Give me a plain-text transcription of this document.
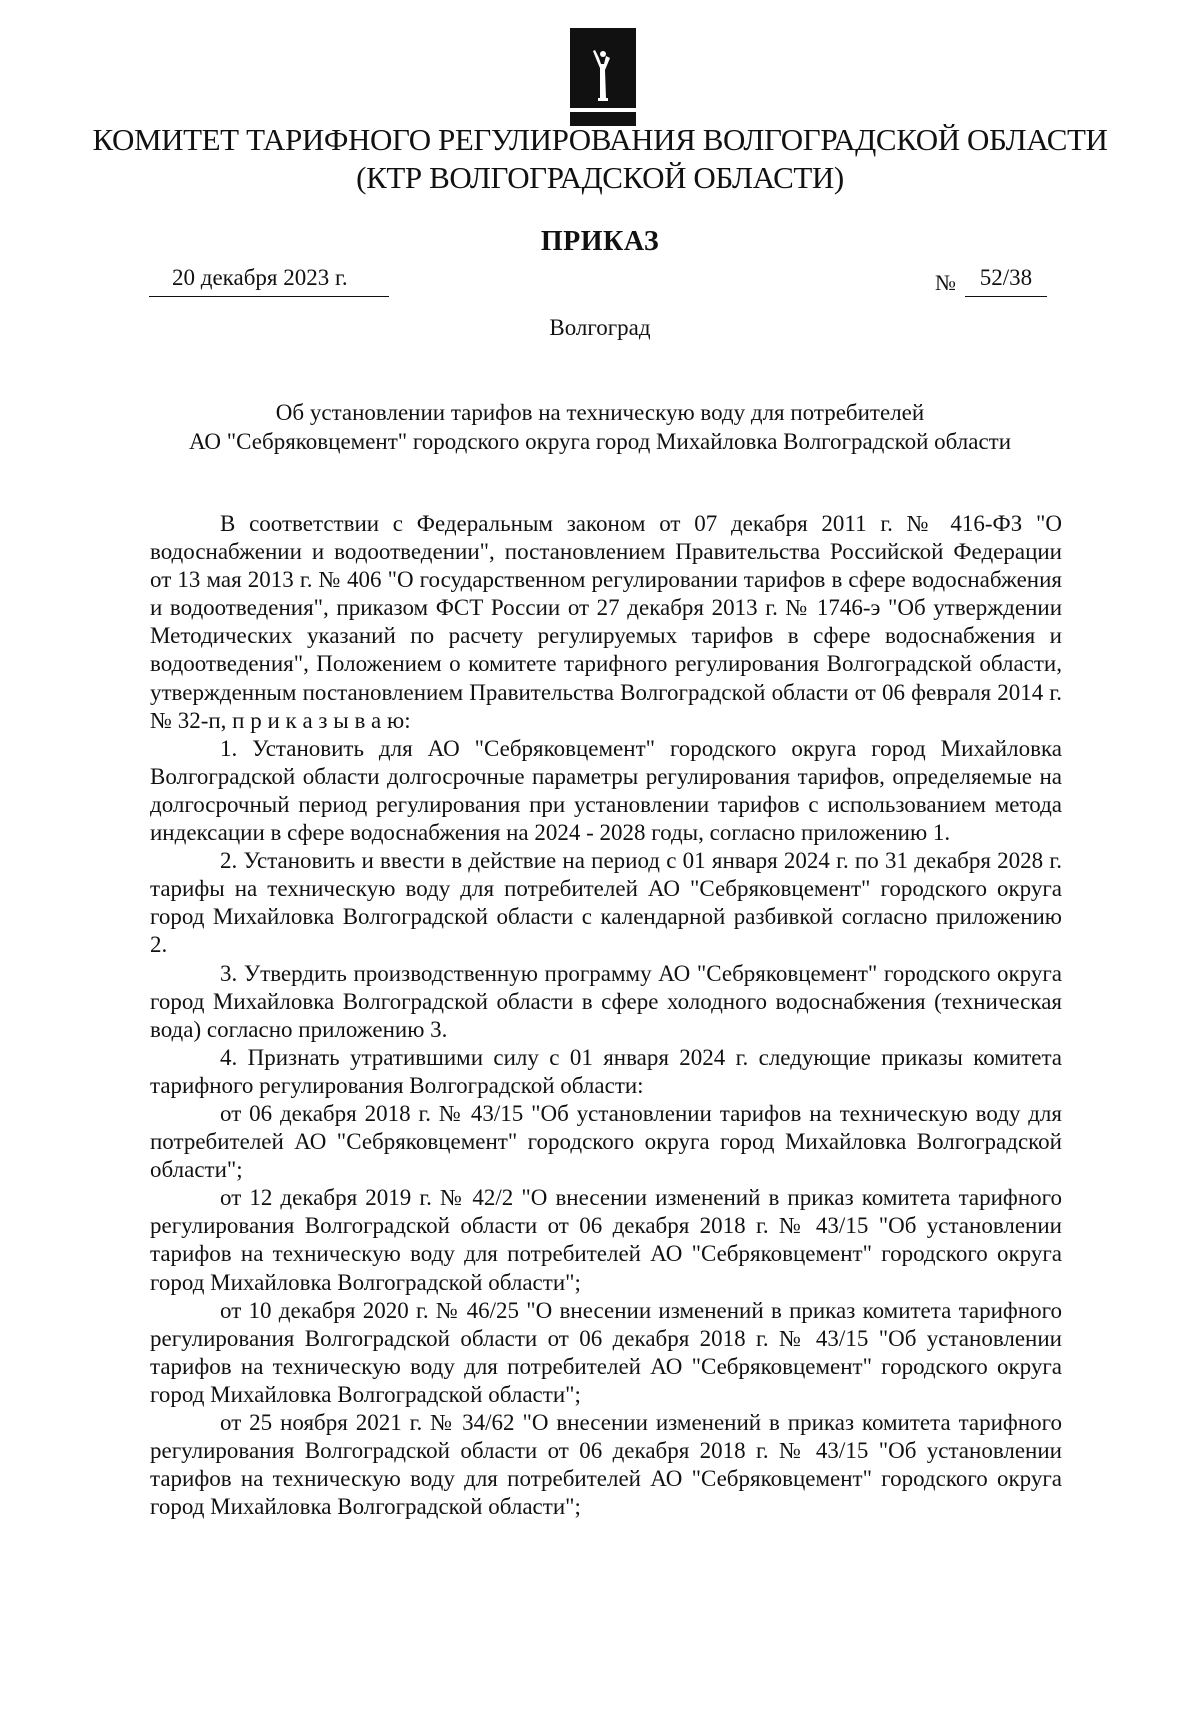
КОМИТЕТ ТАРИФНОГО РЕГУЛИРОВАНИЯ ВОЛГОГРАДСКОЙ ОБЛАСТИ
(КТР ВОЛГОГРАДСКОЙ ОБЛАСТИ)
ПРИКАЗ
20 декабря 2023 г.	№	52/38
Волгоград
Об установлении тарифов на техническую воду для потребителей
АО "Себряковцемент" городского округа город Михайловка Волгоградской области

В соответствии с Федеральным законом от 07 декабря 2011 г. № 416-ФЗ "О водоснабжении и водоотведении", постановлением Правительства Российской Федерации от 13 мая 2013 г. № 406 "О государственном регулировании тарифов в сфере водоснабжения и водоотведения", приказом ФСТ России от 27 декабря 2013 г. № 1746-э "Об утверждении Методических указаний по расчету регулируемых тарифов в сфере водоснабжения и водоотведения", Положением о комитете тарифного регулирования Волгоградской области, утвержденным постановлением Правительства Волгоградской области от 06 февраля 2014 г. № 32-п, п р и к а з ы в а ю:

1. Установить для АО "Себряковцемент" городского округа город Михайловка Волгоградской области долгосрочные параметры регулирования тарифов, определяемые на долгосрочный период регулирования при установлении тарифов с использованием метода индексации в сфере водоснабжения на 2024 - 2028 годы, согласно приложению 1.

2. Установить и ввести в действие на период с 01 января 2024 г. по 31 декабря 2028 г. тарифы на техническую воду для потребителей АО "Себряковцемент" городского округа город Михайловка Волгоградской области с календарной разбивкой согласно приложению 2.

3. Утвердить производственную программу АО "Себряковцемент" городского округа город Михайловка Волгоградской области в сфере холодного водоснабжения (техническая вода) согласно приложению 3.

4. Признать утратившими силу с 01 января 2024 г. следующие приказы комитета тарифного регулирования Волгоградской области:

от 06 декабря 2018 г. № 43/15 "Об установлении тарифов на техническую воду для потребителей АО "Себряковцемент" городского округа город Михайловка Волгоградской области";

от 12 декабря 2019 г. № 42/2 "О внесении изменений в приказ комитета тарифного регулирования Волгоградской области от 06 декабря 2018 г. № 43/15 "Об установлении тарифов на техническую воду для потребителей АО "Себряковцемент" городского округа город Михайловка Волгоградской области";

от 10 декабря 2020 г. № 46/25 "О внесении изменений в приказ комитета тарифного регулирования Волгоградской области от 06 декабря 2018 г. № 43/15 "Об установлении тарифов на техническую воду для потребителей АО "Себряковцемент" городского округа город Михайловка Волгоградской области";

от 25 ноября 2021 г. № 34/62 "О внесении изменений в приказ комитета тарифного регулирования Волгоградской области от 06 декабря 2018 г. № 43/15 "Об установлении тарифов на техническую воду для потребителей АО "Себряковцемент" городского округа город Михайловка Волгоградской области";
